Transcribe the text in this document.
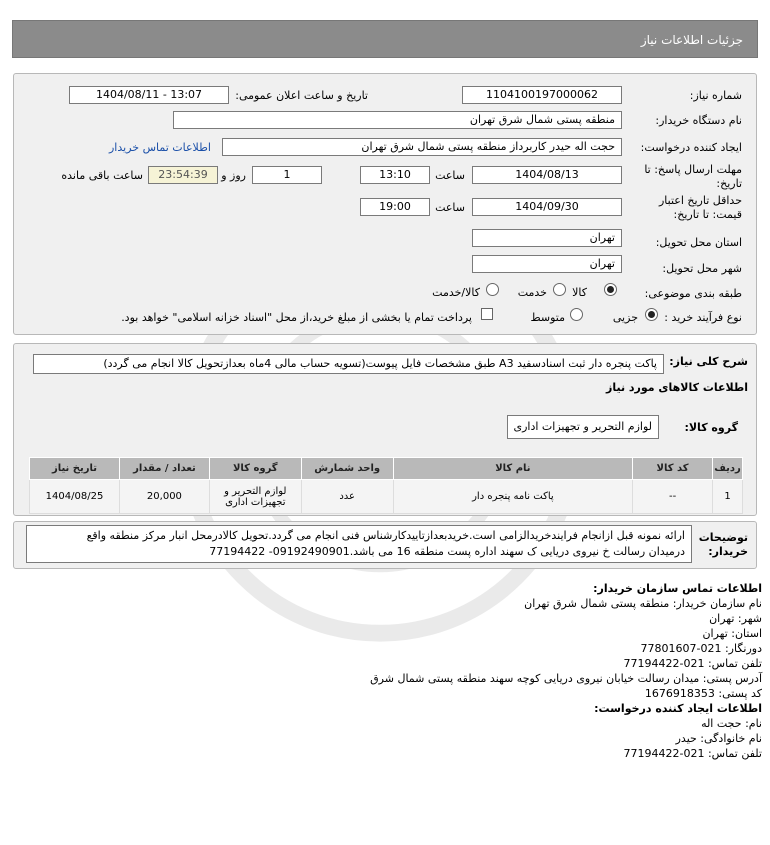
جزئیات اطلاعات نیاز
شماره نیاز:
1104100197000062
تاریخ و ساعت اعلان عمومی:
1404/08/11 - 13:07
نام دستگاه خریدار:
منطقه پستی شمال شرق تهران
ایجاد کننده درخواست:
حجت اله حیدر کاربرداز منطقه پستی شمال شرق تهران
اطلاعات تماس خریدار
مهلت ارسال پاسخ: تا
تاریخ:
1404/08/13
ساعت
13:10
1
روز و
23:54:39
ساعت باقی مانده
حداقل تاریخ اعتبار
قیمت: تا تاریخ:
1404/09/30
ساعت
19:00
استان محل تحویل:
تهران
شهر محل تحویل:
تهران
طبقه بندی موضوعی:
کالا
خدمت
کالا/خدمت
نوع فرآیند خرید :
جزیی
متوسط
پرداخت تمام یا بخشی از مبلغ خرید،از محل "اسناد خزانه اسلامی" خواهد بود.
شرح کلی نیاز:
پاکت پنجره دار ثبت اسنادسفید A3 طبق مشخصات فایل پیوست(تسویه حساب مالی 4ماه بعدازتحویل کالا انجام می گردد)
اطلاعات کالاهای مورد نیاز
گروه کالا:
لوازم التحریر و تجهیزات اداری
ردیف	کد کالا	نام کالا	واحد شمارش	گروه کالا	تعداد / مقدار	تاریخ نیاز
1	--	پاکت نامه پنجره دار	عدد	لوازم التحریر و تجهیزات اداری	20,000	1404/08/25
توضیحات
خریدار:
ارائه نمونه قبل ازانجام فرایندخریدالزامی است.خریدبعدازتاییدکارشناس فنی انجام می گردد.تحویل کالادرمحل انبار مرکز منطقه واقع
درمیدان رسالت خ نیروی دریایی ک سهند اداره پست منطقه 16 می باشد.09192490901- 77194422
اطلاعات تماس سازمان خریدار:
نام سازمان خریدار: منطقه پستی شمال شرق تهران
شهر: تهران
استان: تهران
دورنگار: 021-77801607
تلفن تماس: 021-77194422
آدرس پستی: میدان رسالت خیابان نیروی دریایی کوچه سهند منطقه پستی شمال شرق
کد پستی: 1676918353
اطلاعات ایجاد کننده درخواست:
نام: حجت اله
نام خانوادگی: حیدر
تلفن تماس: 021-77194422
